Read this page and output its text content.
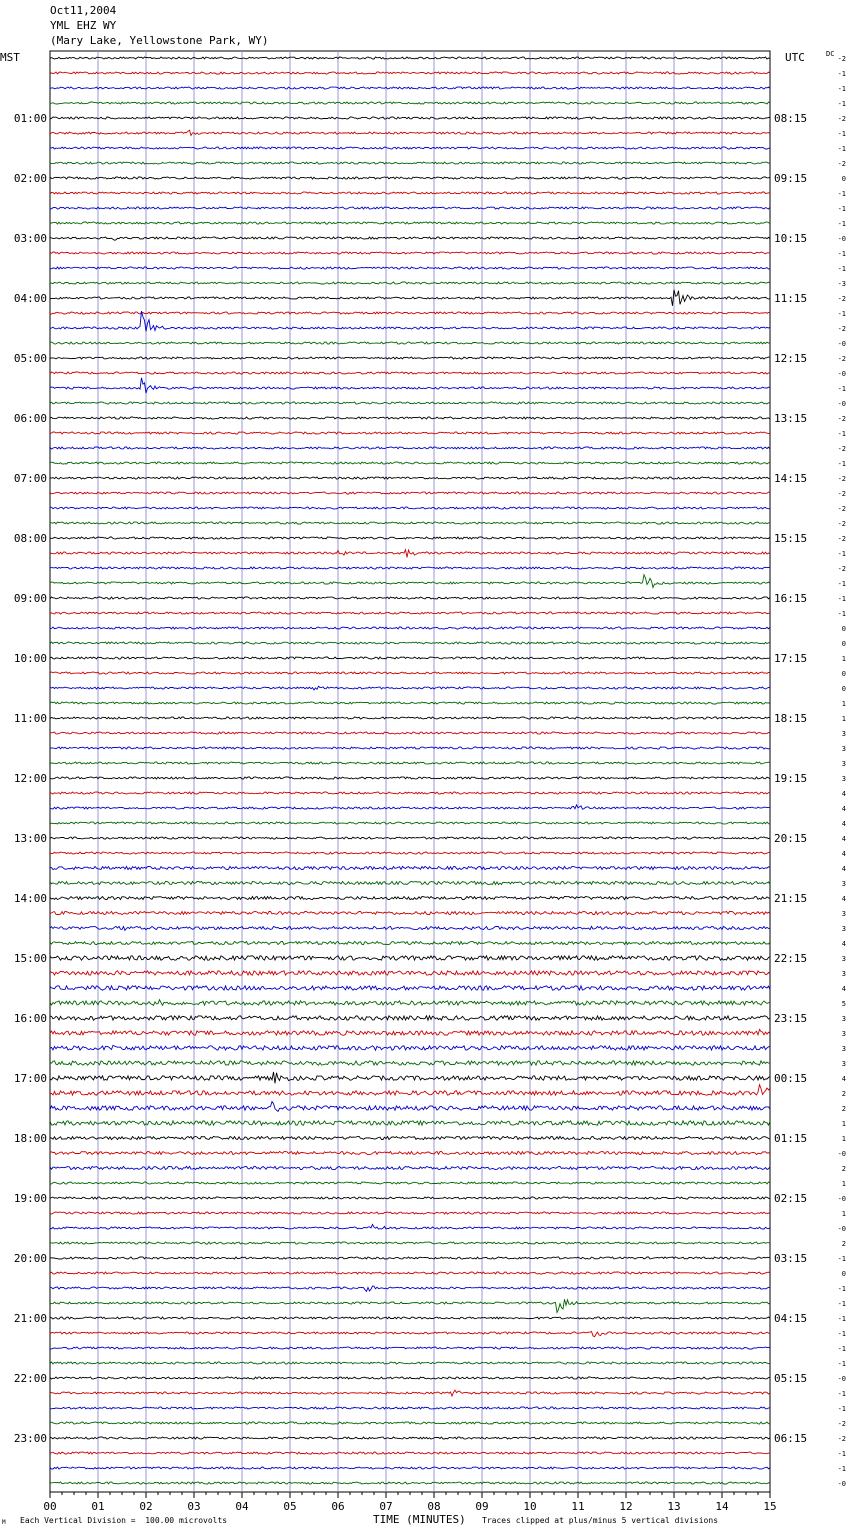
Oct11,2004
YML EHZ WY
(Mary Lake, Yellowstone Park, WY)
MST	UTC	DC
00	01	02	03	04	05	06	07	08	09	10	11	12	13	14	15
-2
-1
-1
-1
-2
01:00	08:15
-1
-1
-2
0
02:00	09:15
-1
-1
-1
-0
03:00	10:15
-1
-1
-3
-2
04:00	11:15
-1
-2
-0
-2
05:00	12:15
-0
-1
-0
-2
06:00	13:15
-1
-2
-1
-2
07:00	14:15
-2
-2
-2
-2
08:00	15:15
-1
-2
-1
-1
09:00	16:15
-1
0
0
1
10:00	17:15
0
0
1
1
11:00	18:15
3
3
3
3
12:00	19:15
4
4
4
4
13:00	20:15
4
4
3
4
14:00	21:15
3
3
4
3
15:00	22:15
3
4
5
3
16:00	23:15
3
3
3
4
17:00	00:15
2
2
1
1
18:00	01:15
-0
2
1
-0
19:00	02:15
1
-0
2
-1
20:00	03:15
0
-1
-1
-1
21:00	04:15
-1
-1
-1
-0
22:00	05:15
-1
-1
-2
-2
23:00	06:15
-1
-1
-0
M Each Vertical Division =  100.00 microvolts	TIME (MINUTES) Traces clipped at plus/minus 5 vertical divisions
